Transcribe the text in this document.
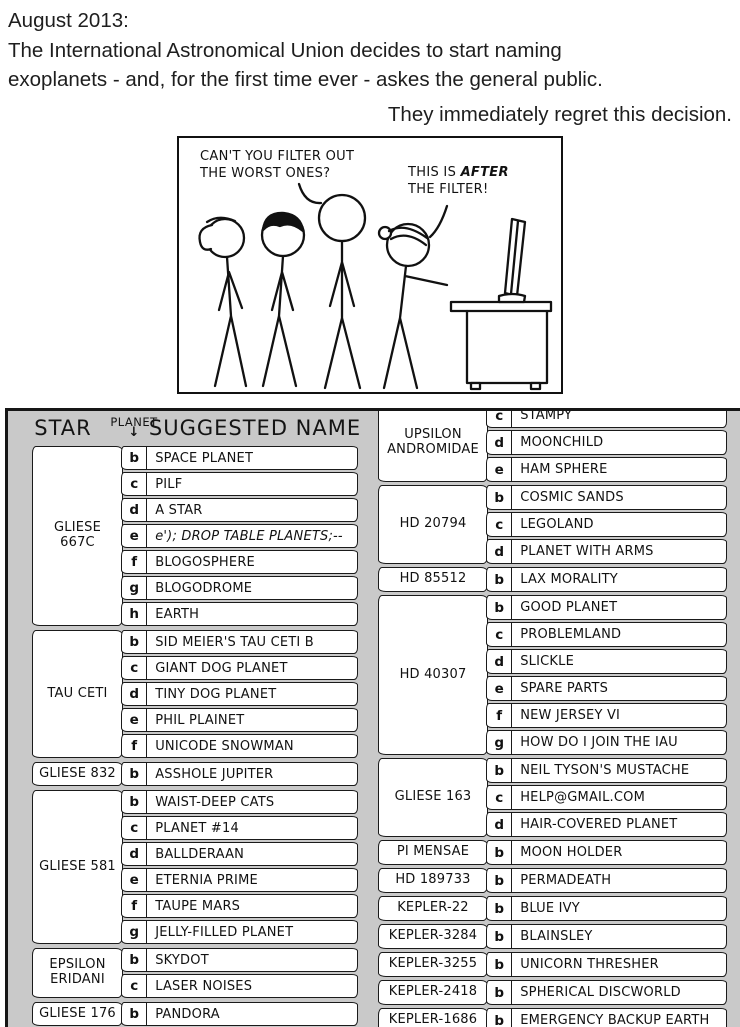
August 2013:
The International Astronomical Union decides to start naming
exoplanets - and, for the first time ever - askes the general public.
They immediately regret this decision.
CAN'T YOU FILTER OUT
THE WORST ONES?	THIS IS AFTER
THE FILTER!
STAR	PLANET
↓ SUGGESTED NAME
GLIESE 667C
b	SPACE PLANET
c	PILF
d	A STAR
e	e'); DROP TABLE PLANETS;--
f	BLOGOSPHERE
g	BLOGODROME
h	EARTH
TAU CETI
b	SID MEIER'S TAU CETI B
c	GIANT DOG PLANET
d	TINY DOG PLANET
e	PHIL PLAINET
f	UNICODE SNOWMAN
GLIESE 832 b	ASSHOLE JUPITER
GLIESE 581
b	WAIST-DEEP CATS
c	PLANET #14
d	BALLDERAAN
e	ETERNIA PRIME
f	TAUPE MARS
g	JELLY-FILLED PLANET
EPSILON ERIDANI
b	SKYDOT
c	LASER NOISES
GLIESE 176 b	PANDORA
UPSILON ANDROMIDAE
c	STAMPY
d	MOONCHILD
e	HAM SPHERE
HD 20794
b	COSMIC SANDS
c	LEGOLAND
d	PLANET WITH ARMS
HD 85512	b	LAX MORALITY
HD 40307
b	GOOD PLANET
c	PROBLEMLAND
d	SLICKLE
e	SPARE PARTS
f	NEW JERSEY VI
g	HOW DO I JOIN THE IAU
GLIESE 163
b	NEIL TYSON'S MUSTACHE
c	HELP@GMAIL.COM
d	HAIR-COVERED PLANET
PI MENSAE	b	MOON HOLDER
HD 189733	b	PERMADEATH
KEPLER-22	b	BLUE IVY
KEPLER-3284	b	BLAINSLEY
KEPLER-3255	b	UNICORN THRESHER
KEPLER-2418	b	SPHERICAL DISCWORLD
KEPLER-1686	b	EMERGENCY BACKUP EARTH
